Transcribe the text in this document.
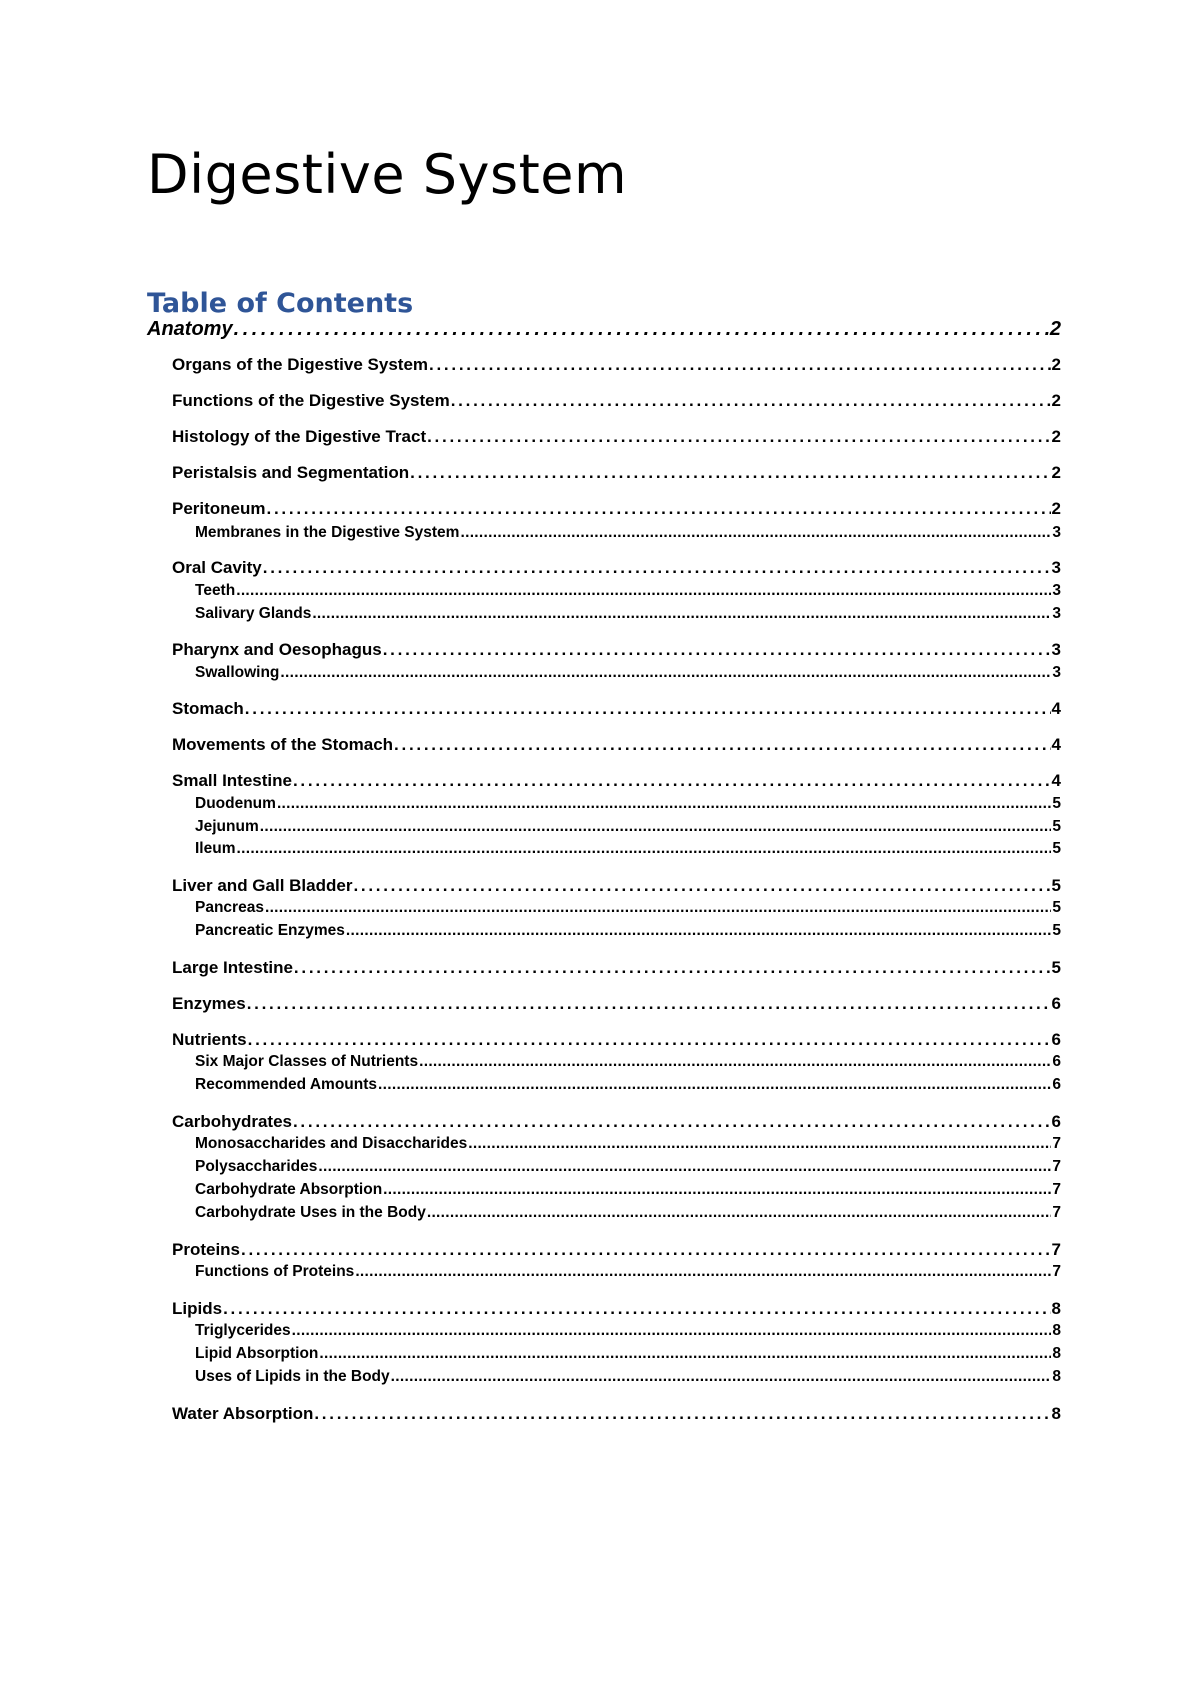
Digestive System
Table of Contents
Anatomy . . .	2
Organs of the Digestive System . . .	2
Functions of the Digestive System . . .	2
Histology of the Digestive Tract . . .	2
Peristalsis and Segmentation . . .	2
Peritoneum . . .	2
Membranes in the Digestive System . . .	3
Oral Cavity . . .	3
Teeth . . .	3
Salivary Glands . . .	3
Pharynx and Oesophagus . . .	3
Swallowing . . .	3
Stomach . . .	4
Movements of the Stomach . . .	4
Small Intestine . . .	4
Duodenum . . .	5
Jejunum . . .	5
Ileum . . .	5
Liver and Gall Bladder . . .	5
Pancreas . . .	5
Pancreatic Enzymes . . .	5
Large Intestine . . .	5
Enzymes . . .	6
Nutrients . . .	6
Six Major Classes of Nutrients . . .	6
Recommended Amounts . . .	6
Carbohydrates . . .	6
Monosaccharides and Disaccharides . . .	7
Polysaccharides . . .	7
Carbohydrate Absorption . . .	7
Carbohydrate Uses in the Body . . .	7
Proteins . . .	7
Functions of Proteins . . .	7
Lipids . . .	8
Triglycerides . . .	8
Lipid Absorption . . .	8
Uses of Lipids in the Body . . .	8
Water Absorption . . .	8
